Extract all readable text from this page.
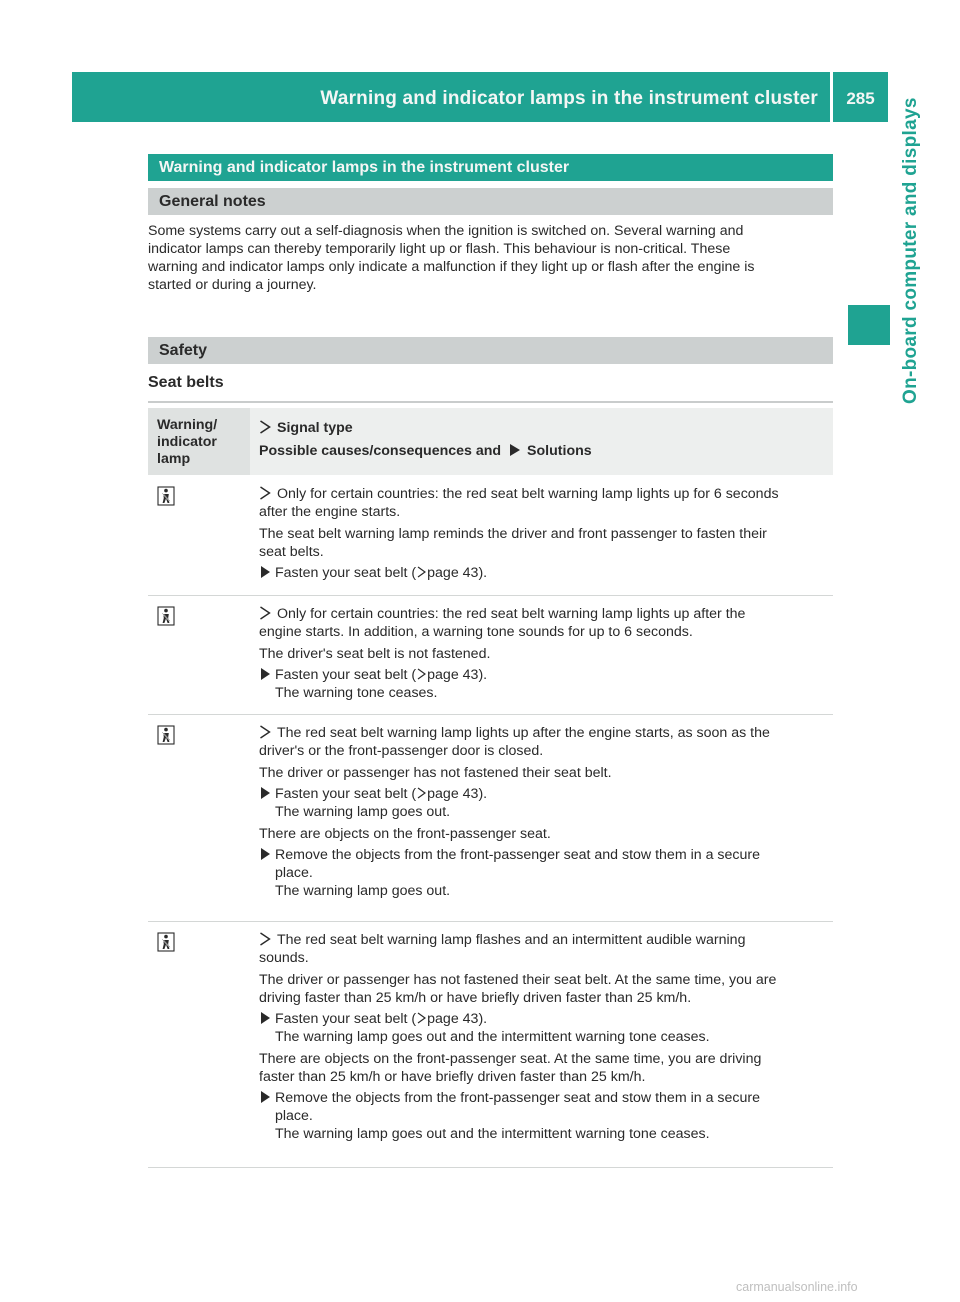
Warning and indicator lamps in the instrument cluster	285	On-board computer and displays
Warning and indicator lamps in the instrument cluster
General notes
Some systems carry out a self-diagnosis when the ignition is switched on. Several warning and
indicator lamps can thereby temporarily light up or flash. This behaviour is non-critical. These
warning and indicator lamps only indicate a malfunction if they light up or flash after the engine is
started or during a journey.
Safety
Seat belts
Warning/
indicator
lamp
Signal type
Possible causes/consequences and Solutions
Only for certain countries: the red seat belt warning lamp lights up for 6 seconds
after the engine starts.
The seat belt warning lamp reminds the driver and front passenger to fasten their
seat belts.
Fasten your seat belt ( page 43).
Only for certain countries: the red seat belt warning lamp lights up after the
engine starts. In addition, a warning tone sounds for up to 6 seconds.
The driver's seat belt is not fastened.
Fasten your seat belt ( page 43).
The warning tone ceases.
The red seat belt warning lamp lights up after the engine starts, as soon as the
driver's or the front-passenger door is closed.
The driver or passenger has not fastened their seat belt.
Fasten your seat belt ( page 43).
The warning lamp goes out.
There are objects on the front-passenger seat.
Remove the objects from the front-passenger seat and stow them in a secure
place.
The warning lamp goes out.
The red seat belt warning lamp flashes and an intermittent audible warning
sounds.
The driver or passenger has not fastened their seat belt. At the same time, you are
driving faster than 25 km/h or have briefly driven faster than 25 km/h.
Fasten your seat belt ( page 43).
The warning lamp goes out and the intermittent warning tone ceases.
There are objects on the front-passenger seat. At the same time, you are driving
faster than 25 km/h or have briefly driven faster than 25 km/h.
Remove the objects from the front-passenger seat and stow them in a secure
place.
The warning lamp goes out and the intermittent warning tone ceases.
carmanualsonline.info
